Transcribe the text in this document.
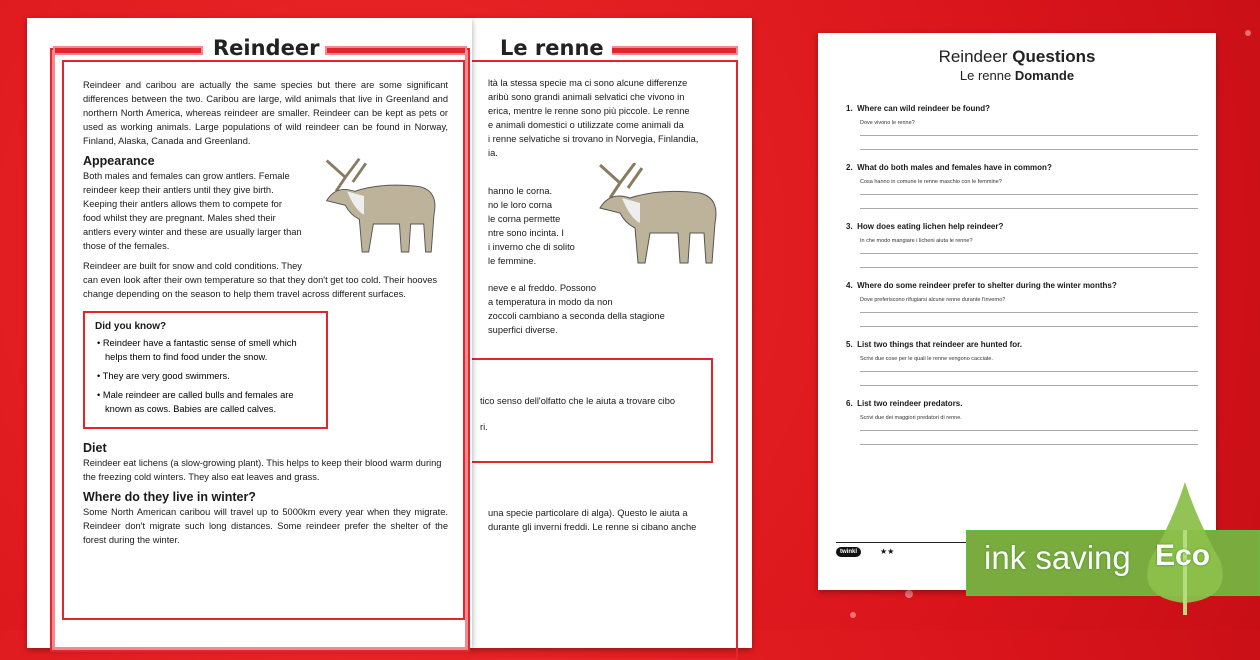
Le renne

ltà la stessa specie ma ci sono alcune differenze

aribù sono grandi animali selvatici che vivono in

erica, mentre le renne sono più piccole. Le renne

e animali domestici o utilizzate come animali da

i renne selvatiche si trovano in Norvegia, Finlandia,

ia.

hanno le corna.

no le loro corna

le corna permette

ntre sono incinta. I

i inverno che di solito

le femmine.

neve e al freddo. Possono

a temperatura in modo da non

zoccoli cambiano a seconda della stagione

superfici diverse.

tico senso dell'olfatto che le aiuta a trovare cibo

ri.

una specie particolare di alga). Questo le aiuta a

durante gli inverni freddi. Le renne si cibano anche

Reindeer

Reindeer and caribou are actually the same species but there are some significant differences between the two. Caribou are large, wild animals that live in Greenland and northern North America, whereas reindeer are smaller. Reindeer can be kept as pets or used as working animals. Large populations of wild reindeer can be found in Norway, Finland, Alaska, Canada and Greenland.

Appearance

Both males and females can grow antlers. Female reindeer keep their antlers until they give birth. Keeping their antlers allows them to compete for food whilst they are pregnant. Males shed their antlers every winter and these are usually larger than those of the females.

Reindeer are built for snow and cold conditions. They can even look after their own temperature so that they don't get too cold. Their hooves change depending on the season to help them travel across different surfaces.

Did you know?
• Reindeer have a fantastic sense of smell which helps them to find food under the snow.
• They are very good swimmers.
• Male reindeer are called bulls and females are known as cows. Babies are called calves.
Diet

Reindeer eat lichens (a slow-growing plant). This helps to keep their blood warm during the freezing cold winters. They also eat leaves and grass.

Where do they live in winter?

Some North American caribou will travel up to 5000km every year when they migrate. Reindeer don't migrate such long distances. Some reindeer prefer the shelter of the forest during the winter.

Reindeer Questions
Le renne Domande
1. Where can wild reindeer be found?
Dove vivono le renne?
2. What do both males and females have in common?
Cosa hanno in comune le renne maschio con le femmine?
3. How does eating lichen help reindeer?
In che modo mangiare i licheni aiuta le renne?
4. Where do some reindeer prefer to shelter during the winter months?
Dove preferiscono rifugiarsi alcune renne durante l'inverno?
5. List two things that reindeer are hunted for.
Scrivi due cose per le quali le renne vengono cacciate.
6. List two reindeer predators.
Scrivi due dei maggiori predatori di renne.
twinkl	★★	ink saving Eco
